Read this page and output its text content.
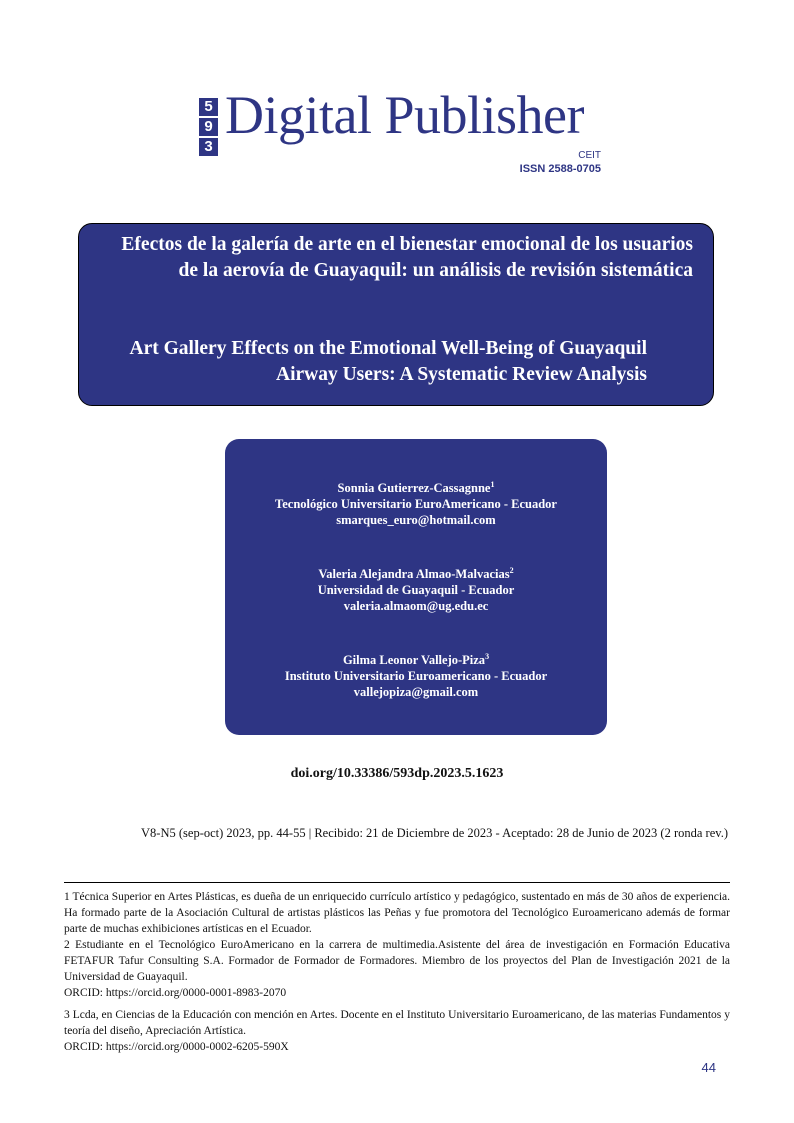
5
9
3
Digital Publisher
CEIT
ISSN 2588-0705
Efectos de la galería de arte en el bienestar emocional de los usuarios de la aerovía de Guayaquil: un análisis de revisión sistemática
Art Gallery Effects on the Emotional Well-Being of Guayaquil Airway Users: A Systematic Review Analysis
Sonnia Gutierrez-Cassagnne$^1$
Tecnológico Universitario EuroAmericano - Ecuador
smarques_euro@hotmail.com
Valeria Alejandra Almao-Malvacias$^2$
Universidad de Guayaquil - Ecuador
valeria.almaom@ug.edu.ec
Gilma Leonor Vallejo-Piza$^3$
Instituto Universitario Euroamericano - Ecuador
vallejopiza@gmail.com
doi.org/10.33386/593dp.2023.5.1623
V8-N5 (sep-oct) 2023, pp. 44-55 | Recibido: 21 de Diciembre de 2023 - Aceptado: 28 de Junio de 2023 (2 ronda rev.)

1 Técnica Superior en Artes Plásticas, es dueña de un enriquecido currículo artístico y pedagógico, sustentado en más de 30 años de experiencia. Ha formado parte de la Asociación Cultural de artistas plásticos las Peñas y fue promotora del Tecnológico Euroamericano además de formar parte de muchas exhibiciones artísticas en el Ecuador.

2 Estudiante en el Tecnológico EuroAmericano en la carrera de multimedia.Asistente del área de investigación en Formación Educativa FETAFUR Tafur Consulting S.A. Formador de Formador de Formadores. Miembro de los proyectos del Plan de Investigación 2021 de la Universidad de Guayaquil.

ORCID: https://orcid.org/0000-0001-8983-2070

3 Lcda, en Ciencias de la Educación con mención en Artes. Docente en el Instituto Universitario Euroamericano, de las materias Fundamentos y teoría del diseño, Apreciación Artística.

ORCID: https://orcid.org/0000-0002-6205-590X

44
